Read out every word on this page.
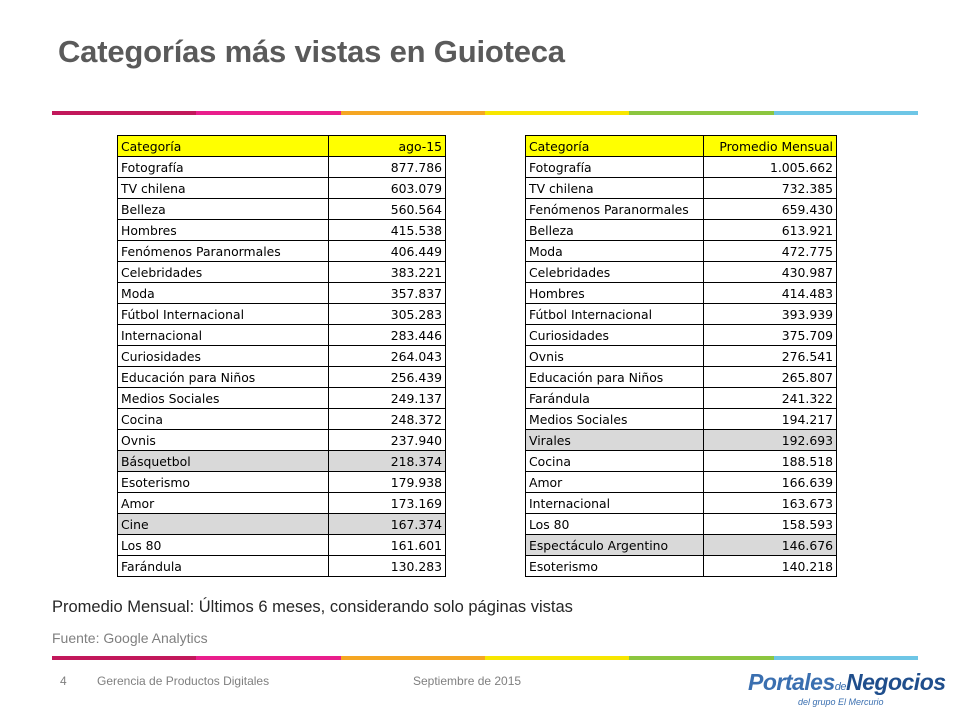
Categorías más vistas en Guioteca
Categoría	ago-15
Fotografía	877.786
TV chilena	603.079
Belleza	560.564
Hombres	415.538
Fenómenos Paranormales	406.449
Celebridades	383.221
Moda	357.837
Fútbol Internacional	305.283
Internacional	283.446
Curiosidades	264.043
Educación para Niños	256.439
Medios Sociales	249.137
Cocina	248.372
Ovnis	237.940
Básquetbol	218.374
Esoterismo	179.938
Amor	173.169
Cine	167.374
Los 80	161.601
Farándula	130.283
Categoría	Promedio Mensual
Fotografía	1.005.662
TV chilena	732.385
Fenómenos Paranormales	659.430
Belleza	613.921
Moda	472.775
Celebridades	430.987
Hombres	414.483
Fútbol Internacional	393.939
Curiosidades	375.709
Ovnis	276.541
Educación para Niños	265.807
Farándula	241.322
Medios Sociales	194.217
Virales	192.693
Cocina	188.518
Amor	166.639
Internacional	163.673
Los 80	158.593
Espectáculo Argentino	146.676
Esoterismo	140.218
Promedio Mensual: Últimos 6 meses, considerando solo páginas vistas
Fuente: Google Analytics
4	Gerencia de Productos Digitales	Septiembre de 2015	PortalesdeNegocios
del grupo El Mercurio
